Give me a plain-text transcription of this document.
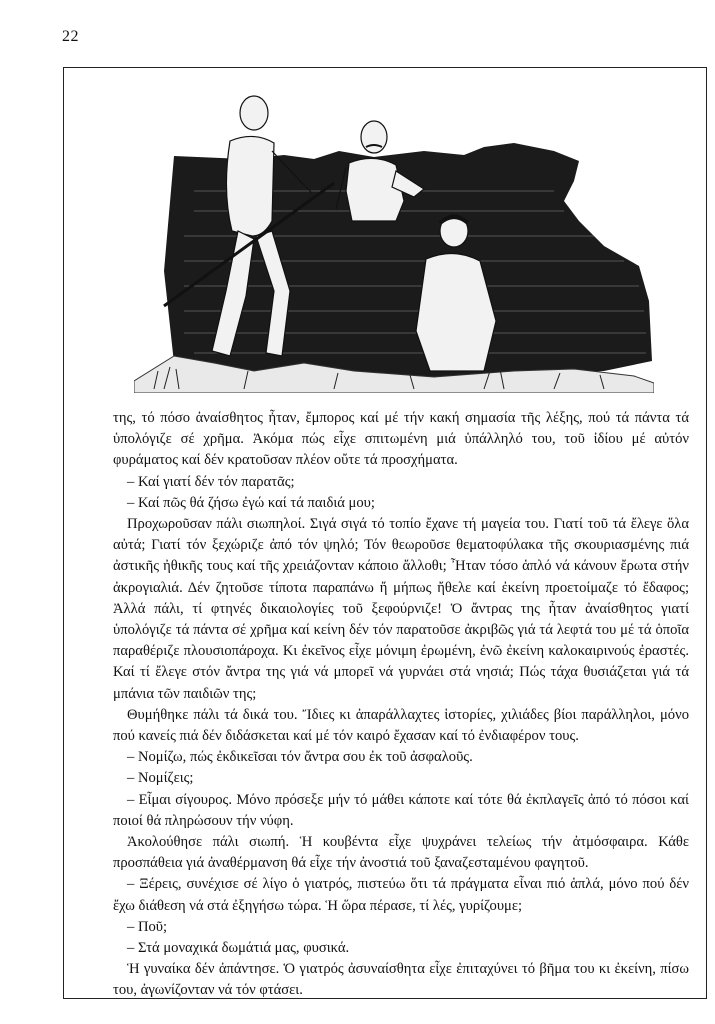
22

της, τό πόσο ἀναίσθητος ἦταν, ἔμπορος καί μέ τήν κακή σημασία τῆς λέξης, πού τά πάντα τά ὑπολόγιζε σέ χρῆμα. Ἀκόμα πώς εἶχε σπιτωμένη μιά ὑπάλληλό του, τοῦ ἰδίου μέ αὐτόν φυράματος καί δέν κρατοῦσαν πλέον οὔτε τά προσχήματα.

– Καί γιατί δέν τόν παρατᾶς;

– Καί πῶς θά ζήσω ἐγώ καί τά παιδιά μου;

Προχωροῦσαν πάλι σιωπηλοί. Σιγά σιγά τό τοπίο ἔχανε τή μαγεία του. Γιατί τοῦ τά ἔλεγε ὅλα αὐτά; Γιατί τόν ξεχώριζε ἀπό τόν ψηλό; Τόν θεωροῦσε θεματοφύλακα τῆς σκουριασμένης πιά ἀστικῆς ἠθικῆς τους καί τῆς χρειάζονταν κάποιο ἄλλοθι; Ἦταν τόσο ἁπλό νά κάνουν ἔρωτα στήν ἀκρογιαλιά. Δέν ζητοῦσε τίποτα παραπάνω ἤ μήπως ἤθελε καί ἐκείνη προετοίμαζε τό ἔδαφος; Ἀλλά πάλι, τί φτηνές δικαιολογίες τοῦ ξεφούρνιζε! Ὁ ἄντρας της ἦταν ἀναίσθητος γιατί ὑπολόγιζε τά πάντα σέ χρῆμα καί κείνη δέν τόν παρατοῦσε ἀκριβῶς γιά τά λεφτά του μέ τά ὁποῖα παραθέριζε πλουσιοπάροχα. Κι ἐκεῖνος εἶχε μόνιμη ἐρωμένη, ἐνῶ ἐκείνη καλοκαιρινούς ἐραστές. Καί τί ἔλεγε στόν ἄντρα της γιά νά μπορεῖ νά γυρνάει στά νησιά; Πώς τάχα θυσιάζεται γιά τά μπάνια τῶν παιδιῶν της;

Θυμήθηκε πάλι τά δικά του. Ἴδιες κι ἀπαράλλαχτες ἱστορίες, χιλιάδες βίοι παράλληλοι, μόνο πού κανείς πιά δέν διδάσκεται καί μέ τόν καιρό ἔχασαν καί τό ἐνδιαφέρον τους.

– Νομίζω, πώς ἐκδικεῖσαι τόν ἄντρα σου ἐκ τοῦ ἀσφαλοῦς.

– Νομίζεις;

– Εἶμαι σίγουρος. Μόνο πρόσεξε μήν τό μάθει κάποτε καί τότε θά ἐκπλαγεῖς ἀπό τό πόσοι καί ποιοί θά πληρώσουν τήν νύφη.

Ἀκολούθησε πάλι σιωπή. Ἡ κουβέντα εἶχε ψυχράνει τελείως τήν ἀτμόσφαιρα. Κάθε προσπάθεια γιά ἀναθέρμανση θά εἶχε τήν ἀνοστιά τοῦ ξαναζεσταμένου φαγητοῦ.

– Ξέρεις, συνέχισε σέ λίγο ὁ γιατρός, πιστεύω ὅτι τά πράγματα εἶναι πιό ἁπλά, μόνο πού δέν ἔχω διάθεση νά στά ἐξηγήσω τώρα. Ἡ ὥρα πέρασε, τί λές, γυρίζουμε;

– Ποῦ;

– Στά μοναχικά δωμάτιά μας, φυσικά.

Ἡ γυναίκα δέν ἀπάντησε. Ὁ γιατρός ἀσυναίσθητα εἶχε ἐπιταχύνει τό βῆμα του κι ἐκείνη, πίσω του, ἀγωνίζονταν νά τόν φτάσει.
